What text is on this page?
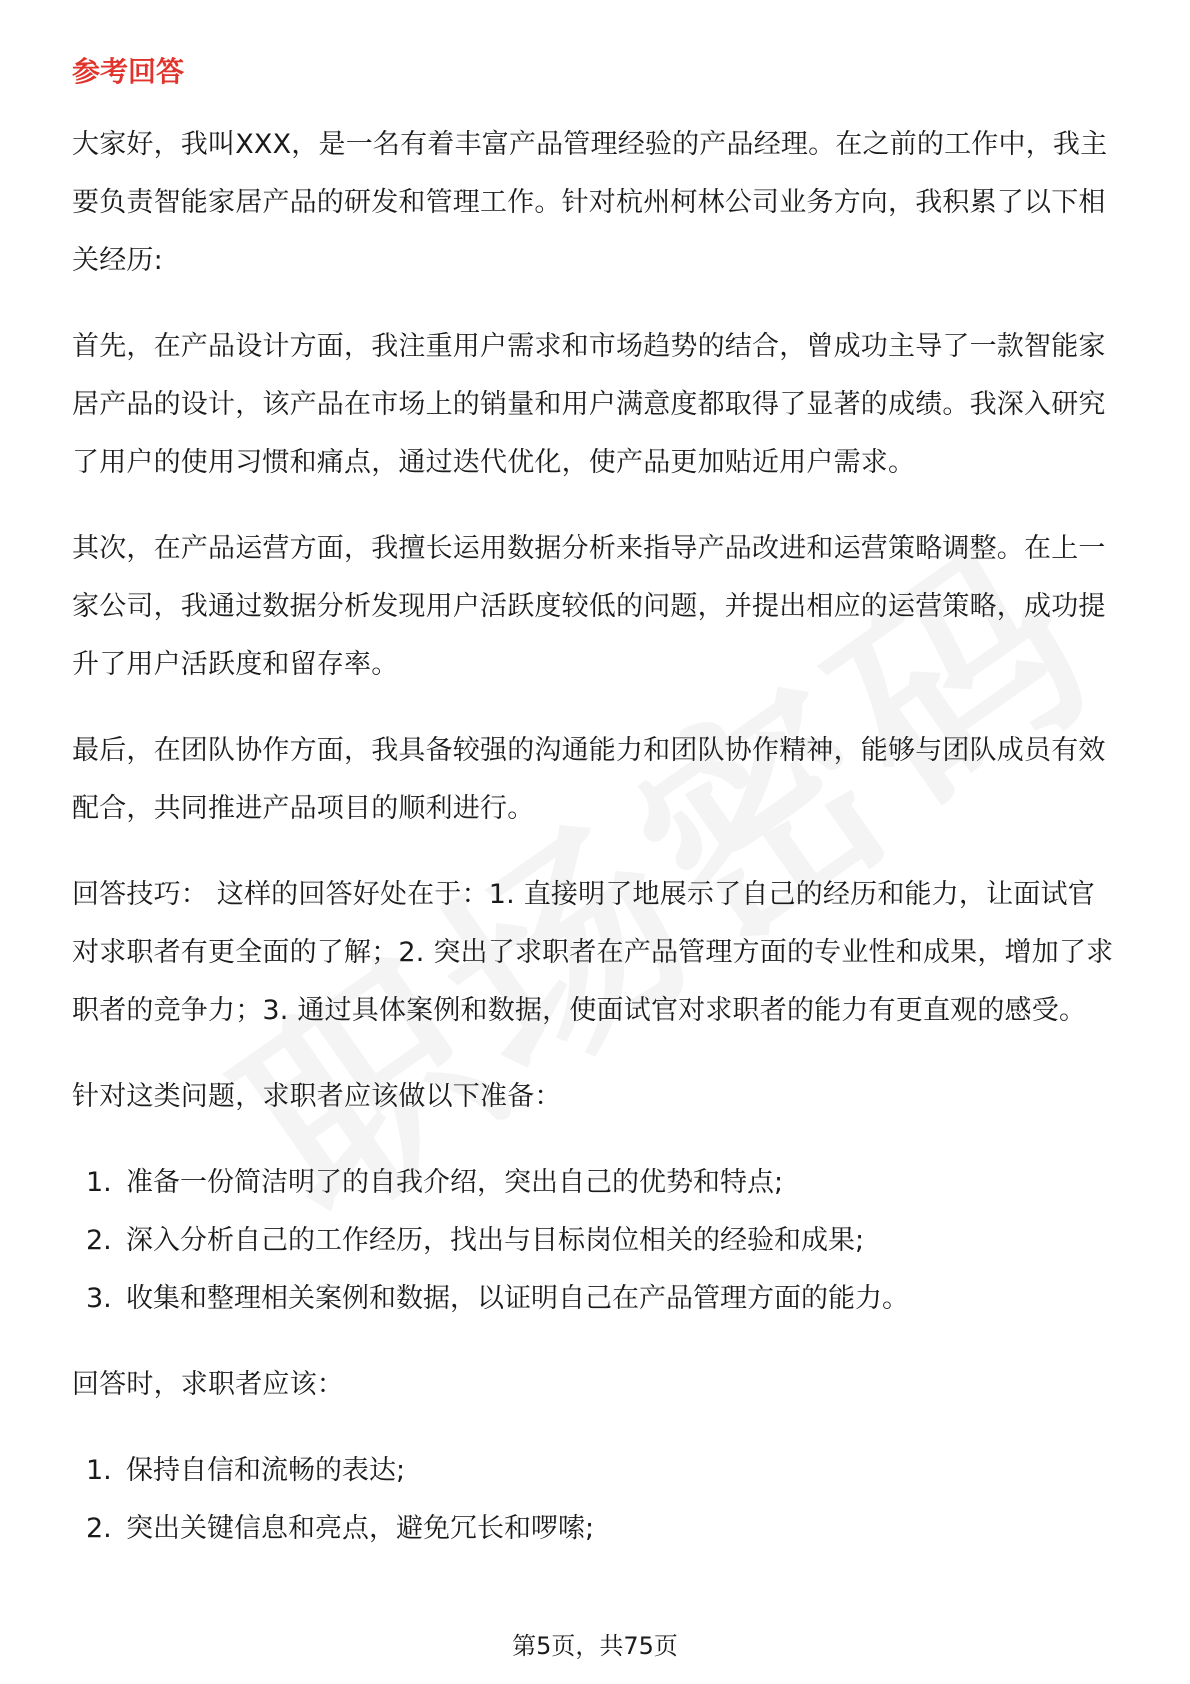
参考回答

大家好，我叫XXX，是一名有着丰富产品管理经验的产品经理。在之前的工作中，我主要负责智能家居产品的研发和管理工作。针对杭州柯林公司业务方向，我积累了以下相关经历:

首先，在产品设计方面，我注重用户需求和市场趋势的结合，曾成功主导了一款智能家居产品的设计，该产品在市场上的销量和用户满意度都取得了显著的成绩。我深入研究了用户的使用习惯和痛点，通过迭代优化，使产品更加贴近用户需求。

其次，在产品运营方面，我擅长运用数据分析来指导产品改进和运营策略调整。在上一家公司，我通过数据分析发现用户活跃度较低的问题，并提出相应的运营策略，成功提升了用户活跃度和留存率。

最后，在团队协作方面，我具备较强的沟通能力和团队协作精神，能够与团队成员有效配合，共同推进产品项目的顺利进行。

回答技巧： 这样的回答好处在于：1. 直接明了地展示了自己的经历和能力，让面试官对求职者有更全面的了解；2. 突出了求职者在产品管理方面的专业性和成果，增加了求职者的竞争力；3. 通过具体案例和数据，使面试官对求职者的能力有更直观的感受。

针对这类问题，求职者应该做以下准备：

1. 准备一份简洁明了的自我介绍，突出自己的优势和特点;
2. 深入分析自己的工作经历，找出与目标岗位相关的经验和成果;
3. 收集和整理相关案例和数据，以证明自己在产品管理方面的能力。

回答时，求职者应该：

1. 保持自信和流畅的表达;
2. 突出关键信息和亮点，避免冗长和啰嗦;
第5页，共75页
